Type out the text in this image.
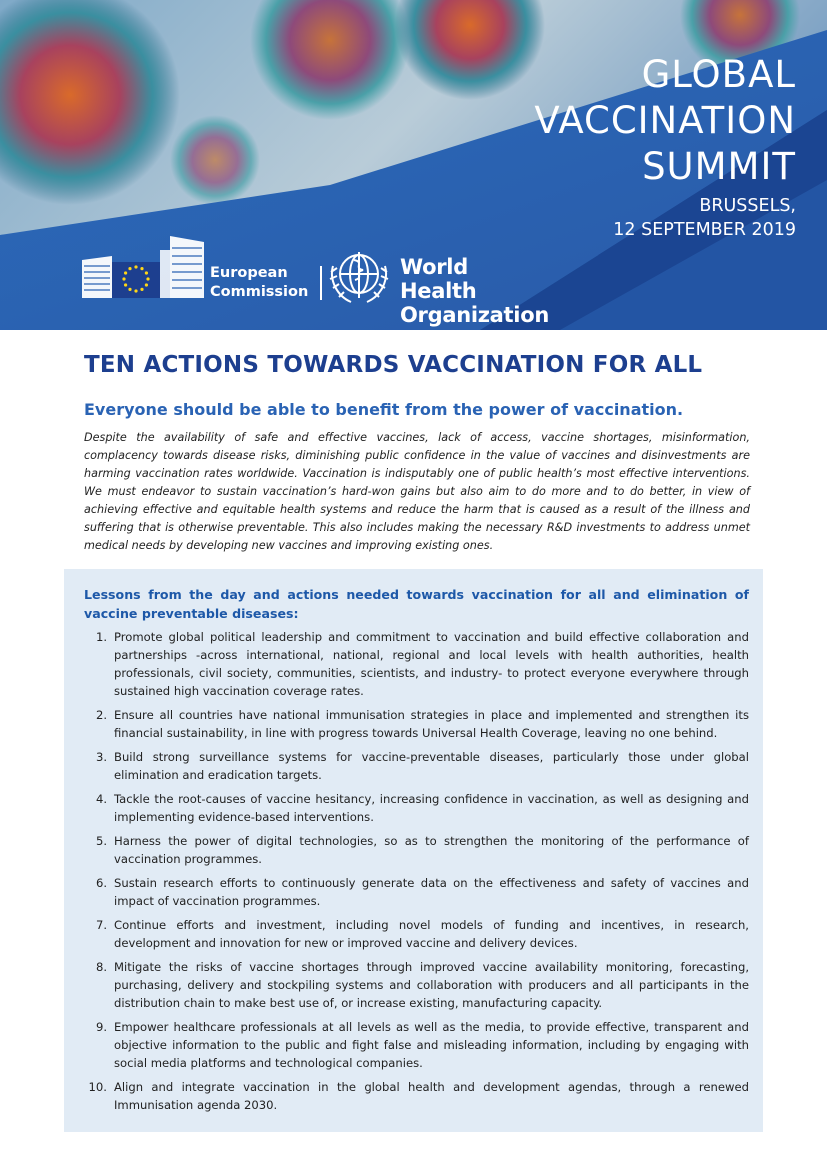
GLOBAL
VACCINATION
SUMMIT
BRUSSELS,
12 SEPTEMBER 2019
European
Commission
World Health
Organization
TEN ACTIONS TOWARDS VACCINATION FOR ALL
Everyone should be able to benefit from the power of vaccination.

Despite the availability of safe and effective vaccines, lack of access, vaccine shortages, misinformation, complacency towards disease risks, diminishing public confidence in the value of vaccines and disinvestments are harming vaccination rates worldwide. Vaccination is indisputably one of public health’s most effective interventions. We must endeavor to sustain vaccination’s hard-won gains but also aim to do more and to do better, in view of achieving effective and equitable health systems and reduce the harm that is caused as a result of the illness and suffering that is otherwise preventable. This also includes making the necessary R&D investments to address unmet medical needs by developing new vaccines and improving existing ones.

Lessons from the day and actions needed towards vaccination for all and elimination of vaccine preventable diseases:

1. Promote global political leadership and commitment to vaccination and build effective collaboration and partnerships -across international, national, regional and local levels with health authorities, health professionals, civil society, communities, scientists, and industry- to protect everyone everywhere through sustained high vaccination coverage rates.
2. Ensure all countries have national immunisation strategies in place and implemented and strengthen its financial sustainability, in line with progress towards Universal Health Coverage, leaving no one behind.
3. Build strong surveillance systems for vaccine-preventable diseases, particularly those under global elimination and eradication targets.
4. Tackle the root-causes of vaccine hesitancy, increasing confidence in vaccination, as well as designing and implementing evidence-based interventions.
5. Harness the power of digital technologies, so as to strengthen the monitoring of the performance of vaccination programmes.
6. Sustain research efforts to continuously generate data on the effectiveness and safety of vaccines and impact of vaccination programmes.
7. Continue efforts and investment, including novel models of funding and incentives, in research, development and innovation for new or improved vaccine and delivery devices.
8. Mitigate the risks of vaccine shortages through improved vaccine availability monitoring, forecasting, purchasing, delivery and stockpiling systems and collaboration with producers and all participants in the distribution chain to make best use of, or increase existing, manufacturing capacity.
9. Empower healthcare professionals at all levels as well as the media, to provide effective, transparent and objective information to the public and fight false and misleading information, including by engaging with social media platforms and technological companies.
10. Align and integrate vaccination in the global health and development agendas, through a renewed Immunisation agenda 2030.
